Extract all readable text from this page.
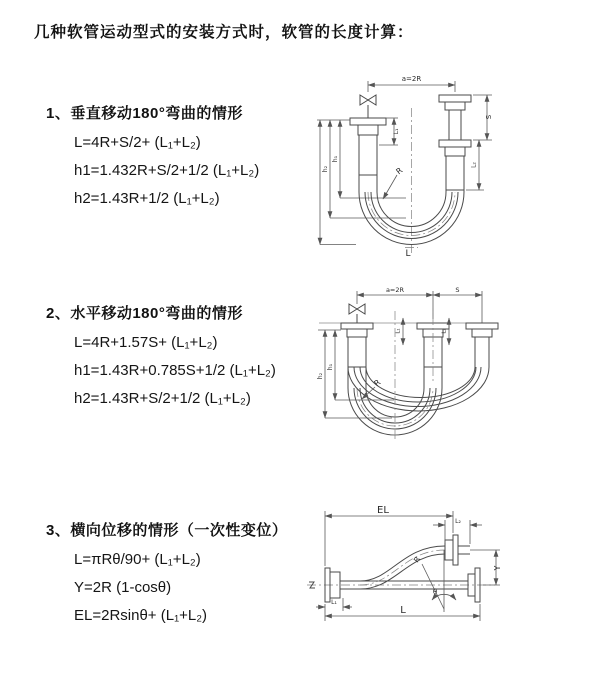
几种软管运动型式的安装方式时，软管的长度计算：
1、垂直移动180°弯曲的情形

L=4R+S/2+ (L₁+L₂)

h1=1.432R+S/2+1/2 (L₁+L₂)

h2=1.43R+1/2 (L₁+L₂)

2、水平移动180°弯曲的情形

L=4R+1.57S+ (L₁+L₂)

h1=1.43R+0.785S+1/2 (L₁+L₂)

h2=1.43R+S/2+1/2 (L₁+L₂)

3、横向位移的情形（一次性变位）

L=πRθ/90+ (L₁+L₂)

Y=2R (1-cosθ)

EL=2Rsinθ+ (L₁+L₂)

a=2R
S
L₂
L₁
h₁
h₂	R
L
a=2R	S
L₁	L₂
h₁
h₂
R
EL
L₂
Y
L
L₁
R
θ
